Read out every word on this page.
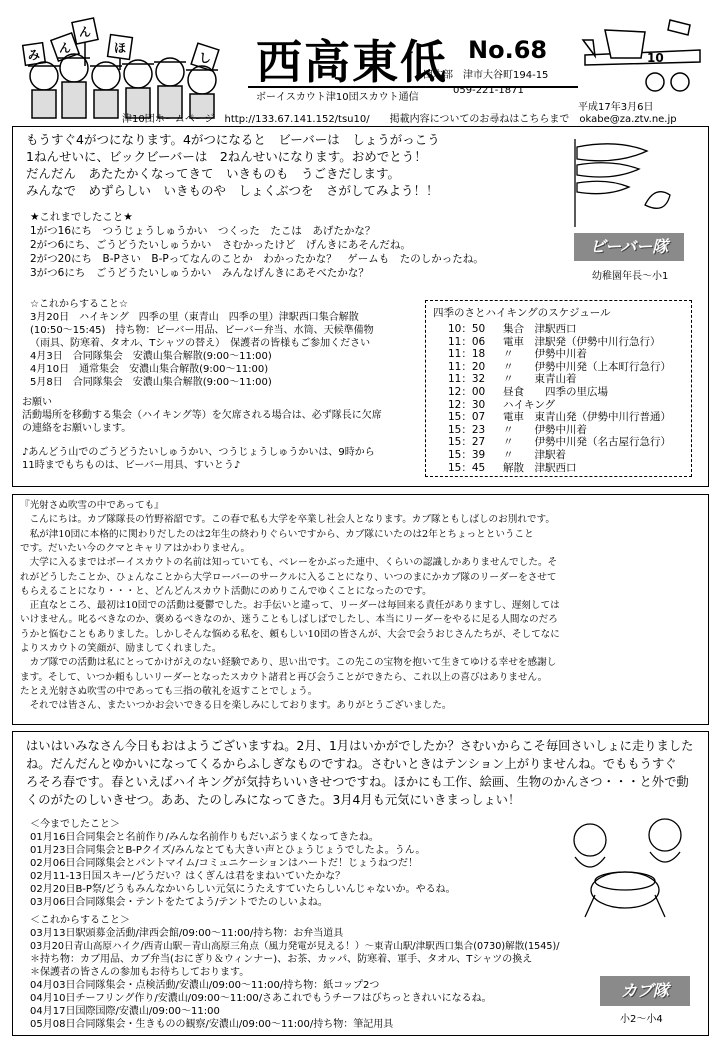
ん
ほ
ん
み	し 西高東低 No.68
ボーイスカウト津10団スカウト通信
団本部　津市大谷町194-15
059-221-1871
10
平成17年3月6日
津10団ホームページ　http://133.67.141.152/tsu10/　　掲載内容についてのお尋ねはこちらまで　okabe@za.ztv.ne.jp
もうすぐ4がつになります。4がつになると　ビーバーは　しょうがっこう
1ねんせいに、ビックビーバーは　2ねんせいになります。おめでとう！
だんだん　あたたかくなってきて　いきものも　うごきだします。
みんなで　めずらしい　いきものや　しょくぶつを　さがしてみよう！！
★これまでしたこと★
1がつ16にち　つうじょうしゅうかい　つくった　たこは　あげたかな？
2がつ6にち、ごうどうたいしゅうかい　さむかったけど　げんきにあそんだね。
2がつ20にち　B-Pさい　B-Pってなんのことか　わかったかな？　ゲームも　たのしかったね。
3がつ6にち　ごうどうたいしゅうかい　みんなげんきにあそべたかな？
☆これからすること☆
3月20日　ハイキング　四季の里（東青山　四季の里）津駅西口集合解散
(10:50～15:45)　持ち物：ビーバー用品、ビーバー弁当、水筒、天候準備物
（雨具、防寒着、タオル、Tシャツの替え）　保護者の皆様もご参加ください
4月3日　合同隊集会　安濃山集合解散(9:00～11:00)
4月10日　通常集会　安濃山集合解散(9:00～11:00)
5月8日　合同隊集会　安濃山集合解散(9:00～11:00)
お願い
活動場所を移動する集会（ハイキング等）を欠席される場合は、必ず隊長に欠席
の連絡をお願いします。
♪あんどう山でのごうどうたいしゅうかい、つうじょうしゅうかいは、9時から
11時までもちものは、ビーバー用具、すいとう♪
ビーバー隊
幼稚園年長～小1
四季のさとハイキングのスケジュール
10：50 集合　津駅西口
11：06 電車　津駅発（伊勢中川行急行）
11：18 〃　　伊勢中川着
11：20 〃　　伊勢中川発（上本町行急行）
11：32 〃　　東青山着
12：00 昼食　　四季の里広場
12：30 ハイキング
15：07 電車　東青山発（伊勢中川行普通）
15：23 〃　　伊勢中川着
15：27 〃　　伊勢中川発（名古屋行急行）
15：39 〃　　津駅着
15：45 解散　津駅西口
『光射さぬ吹雪の中であっても』
　こんにちは。カブ隊隊長の竹野裕韶です。この春で私も大学を卒業し社会人となります。カブ隊ともしばしのお別れです。
　私が津10団に本格的に関わりだしたのは2年生の終わりぐらいですから、カブ隊にいたのは2年とちょっとということ
です。だいたい今のクマとキャリアはかわりません。
　大学に入るまではボーイスカウトの名前は知っていても、べレーをかぶった連中、くらいの認識しかありませんでした。そ
れがどうしたことか、ひょんなことから大学ローバーのサークルに入ることになり、いつのまにかカブ隊のリーダーをさせて
もらえることになり・・・と、どんどんスカウト活動にのめりこんでゆくことになったのです。
　正直なところ、最初は10団での活動は憂鬱でした。お手伝いと違って、リーダーは毎回来る責任がありますし、遅刻しては
いけません。叱るべきなのか、褒めるべきなのか、迷うこともしばしばでしたし、本当にリーダーをやるに足る人間なのだろ
うかと悩むこともありました。しかしそんな悩める私を、頼もしい10団の皆さんが、大会で会うおじさんたちが、そしてなに
よりスカウトの笑顔が、励ましてくれました。
　カブ隊での活動は私にとってかけがえのない経験であり、思い出です。この先この宝物を抱いて生きてゆける幸せを感謝し
ます。そして、いつか頼もしいリーダーとなったスカウト諸君と再び会うことができたら、これ以上の喜びはありません。
たとえ光射さぬ吹雪の中であっても三指の敬礼を返すことでしょう。
　それでは皆さん、またいつかお会いできる日を楽しみにしております。ありがとうございました。
はいはいみなさん今日もおはようございますね。2月、1月はいかがでしたか？さむいからこそ毎回さいしょに走りました
ね。だんだんとゆかいになってくるからふしぎなものですね。さむいときはテンション上がりませんね。でももうすぐ
ろそろ春です。春といえばハイキングが気持ちいいきせつですね。ほかにも工作、絵画、生物のかんさつ・・・と外で動
くのがたのしいきせつ。ああ、たのしみになってきた。3月4月も元気にいきまっしょい！
＜今までしたこと＞
01月16日合同集会と名前作り/みんな名前作りもだいぶうまくなってきたね。
01月23日合同集会とB-Pクイズ/みんなとても大きい声とひょうじょうでしたよ。うん。
02月06日合同隊集会とパントマイム/コミュニケーションはハートだ！じょうねつだ！
02月11-13日国スキー/どうだい？はくぎんは君をまねいていたかな？
02月20日B-P祭/どうもみんなかいらしい元気にうたえすていたらしいんじゃないか。やるね。
03月06日合同隊集会・テントをたてよう/テントでたのしいよね。
＜これからすること＞
03月13日駅頭募金活動/津西会館/09:00～11:00/持ち物：お弁当道具
03月20日青山高原ハイク/西青山駅－青山高原三角点（風力発電が見える！）～東青山駅/津駅西口集合(0730)解散(1545)/
＊持ち物：カブ用品、カブ弁当(おにぎり＆ウィンナー)、お茶、カッパ、防寒着、軍手、タオル、Tシャツの換え
＊保護者の皆さんの参加もお待ちしております。
04月03日合同隊集会・点検活動/安濃山/09:00～11:00/持ち物：紙コップ2つ
04月10日チーフリング作り/安濃山/09:00～11:00/さあこれでもうチーフはびちっときれいになるね。
04月17日国際国際/安濃山/09:00～11:00
05月08日合同隊集会・生きものの観察/安濃山/09:00～11:00/持ち物：筆記用具
カブ隊
小2～小4
